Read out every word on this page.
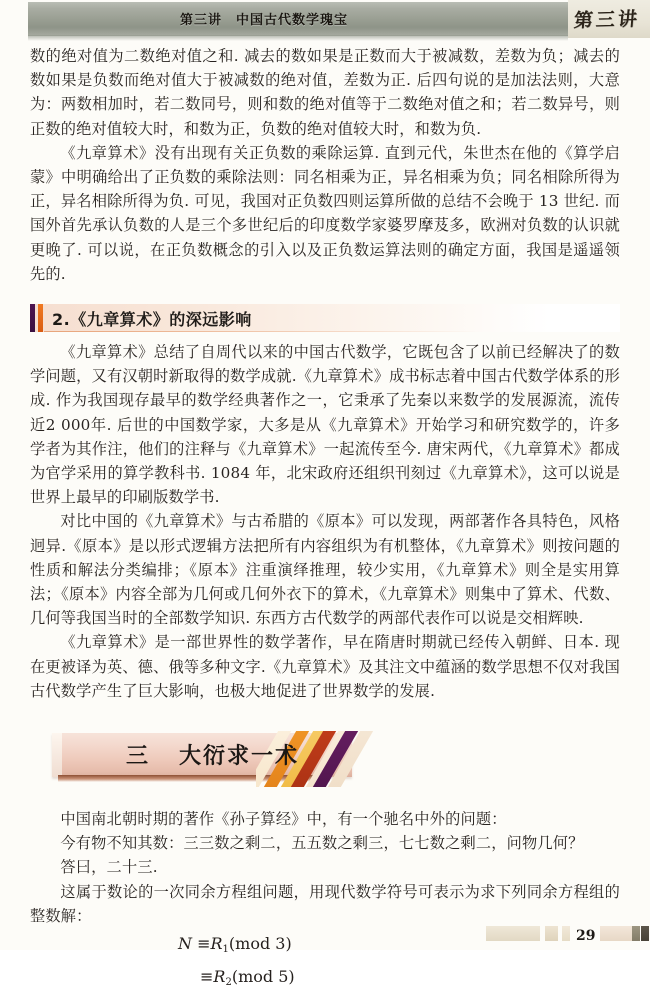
第三讲　中国古代数学瑰宝	第三讲

数的绝对值为二数绝对值之和. 减去的数如果是正数而大于被减数，差数为负；减去的数如果是负数而绝对值大于被减数的绝对值，差数为正. 后四句说的是加法法则，大意为：两数相加时，若二数同号，则和数的绝对值等于二数绝对值之和；若二数异号，则正数的绝对值较大时，和数为正，负数的绝对值较大时，和数为负.

《九章算术》没有出现有关正负数的乘除运算. 直到元代，朱世杰在他的《算学启蒙》中明确给出了正负数的乘除法则：同名相乘为正，异名相乘为负；同名相除所得为正，异名相除所得为负. 可见，我国对正负数四则运算所做的总结不会晚于 13 世纪. 而国外首先承认负数的人是三个多世纪后的印度数学家婆罗摩芨多，欧洲对负数的认识就更晚了. 可以说，在正负数概念的引入以及正负数运算法则的确定方面，我国是遥遥领先的.

2.《九章算术》的深远影响

《九章算术》总结了自周代以来的中国古代数学，它既包含了以前已经解决了的数学问题，又有汉朝时新取得的数学成就.《九章算术》成书标志着中国古代数学体系的形成. 作为我国现存最早的数学经典著作之一，它秉承了先秦以来数学的发展源流，流传近2 000年. 后世的中国数学家，大多是从《九章算术》开始学习和研究数学的，许多学者为其作注，他们的注释与《九章算术》一起流传至今. 唐宋两代，《九章算术》都成为官学采用的算学教科书. 1084 年，北宋政府还组织刊刻过《九章算术》，这可以说是世界上最早的印刷版数学书.

对比中国的《九章算术》与古希腊的《原本》可以发现，两部著作各具特色，风格迥异.《原本》是以形式逻辑方法把所有内容组织为有机整体，《九章算术》则按问题的性质和解法分类编排；《原本》注重演绎推理，较少实用，《九章算术》则全是实用算法；《原本》内容全部为几何或几何外衣下的算术，《九章算术》则集中了算术、代数、几何等我国当时的全部数学知识. 东西方古代数学的两部代表作可以说是交相辉映.

《九章算术》是一部世界性的数学著作，早在隋唐时期就已经传入朝鲜、日本. 现在更被译为英、德、俄等多种文字.《九章算术》及其注文中蕴涵的数学思想不仅对我国古代数学产生了巨大影响，也极大地促进了世界数学的发展.

三 大衍求一术

中国南北朝时期的著作《孙子算经》中，有一个驰名中外的问题：

今有物不知其数：三三数之剩二，五五数之剩三，七七数之剩二，问物几何？

答曰，二十三.

这属于数论的一次同余方程组问题，用现代数学符号可表示为求下列同余方程组的整数解：

$N \equiv R_1(mod$ 3)
$\equiv R_2(mod$ 5)
29
